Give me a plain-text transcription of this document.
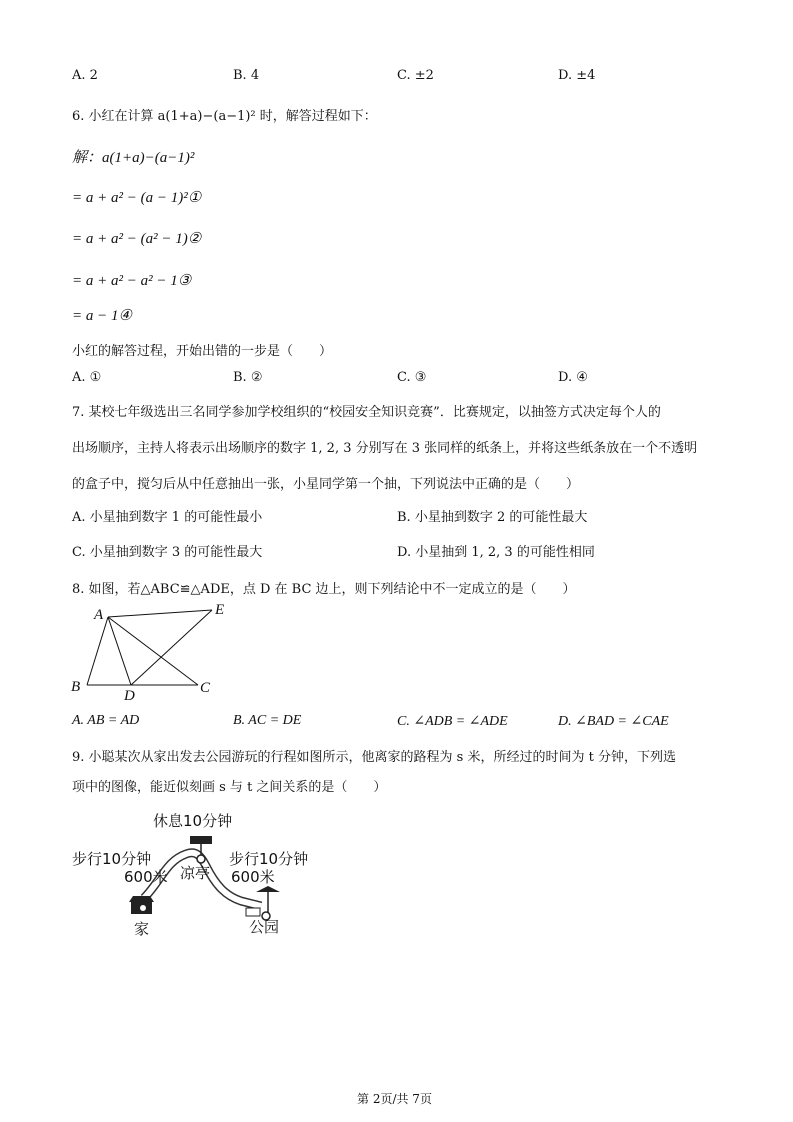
A. 2	B. 4	C. ±2	D. ±4
6. 小红在计算 a(1+a)−(a−1)² 时，解答过程如下：
解：a(1+a)−(a−1)²
= a + a² − (a − 1)²①
= a + a² − (a² − 1)②
= a + a² − a² − 1③
= a − 1④
小红的解答过程，开始出错的一步是（　　）
A. ①	B. ②	C. ③	D. ④
7. 某校七年级选出三名同学参加学校组织的“校园安全知识竞赛”．比赛规定，以抽签方式决定每个人的
出场顺序，主持人将表示出场顺序的数字 1, 2, 3 分别写在 3 张同样的纸条上，并将这些纸条放在一个不透明
的盒子中，搅匀后从中任意抽出一张，小星同学第一个抽，下列说法中正确的是（　　）
A. 小星抽到数字 1 的可能性最小	B. 小星抽到数字 2 的可能性最大
C. 小星抽到数字 3 的可能性最大	D. 小星抽到 1, 2, 3 的可能性相同
8. 如图，若△ABC≌△ADE，点 D 在 BC 边上，则下列结论中不一定成立的是（　　）
A	E
B
D	C
A. AB = AD	B. AC = DE	C. ∠ADB = ∠ADE	D. ∠BAD = ∠CAE
9. 小聪某次从家出发去公园游玩的行程如图所示，他离家的路程为 s 米，所经过的时间为 t 分钟，下列选
项中的图像，能近似刻画 s 与 t 之间关系的是（　　）
休息10分钟
步行10分钟
600米 凉亭
步行10分钟
600米
家	公园
第 2页/共 7页
